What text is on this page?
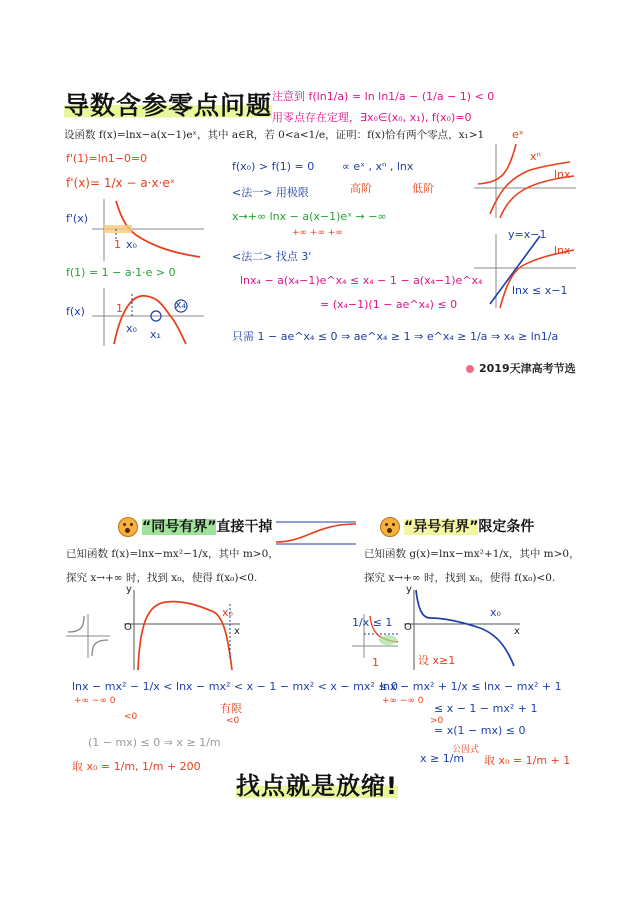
导数含参零点问题 注意到 f(ln1/a) = ln ln1/a − (1/a − 1) < 0
用零点存在定理，∃x₀∈(x₀, x₁), f(x₀)=0
设函数 f(x)=lnx−a(x−1)eˣ，其中 a∈R，若 0<a<1/e，证明：f(x)恰有两个零点，x₁>1
f'(1)=ln1−0=0
f'(x)= 1/x − a·x·eˣ
f'(x)
1 x₀
f(1) = 1 − a·1·e > 0
f(x)	1
x₀ x₁
x₄
f(x₀) > f(1) = 0
<法一> 用极限
x→+∞ lnx − a(x−1)eˣ → −∞
+∞ +∞ +∞
<法二> 找点 3'
lnx₄ − a(x₄−1)e^x₄ ≤ x₄ − 1 − a(x₄−1)e^x₄
= (x₄−1)(1 − ae^x₄) ≤ 0
只需 1 − ae^x₄ ≤ 0 ⇒ ae^x₄ ≥ 1 ⇒ e^x₄ ≥ 1/a ⇒ x₄ ≥ ln1/a
∝ eˣ , xⁿ , lnx
高阶	低阶
eˣ
xⁿ
lnx
y=x−1
lnx
lnx ≤ x−1
2019天津高考节选
“同号有界”直接干掉	“异号有界”限定条件
已知函数 f(x)=lnx−mx²−1/x，其中 m>0，
探究 x→+∞ 时，找到 x₀，使得 f(x₀)<0.
已知函数 g(x)=lnx−mx²+1/x，其中 m>0，
探究 x→+∞ 时，找到 x₀，使得 f(x₀)<0.
y
O	x
x₀
1/x ≤ 1
1
y
O	x
x₀
设 x≥1
lnx − mx² − 1/x < lnx − mx² < x − 1 − mx² < x − mx² ≤ 0
+∞ −∞ 0
<0
有限
<0
(1 − mx) ≤ 0 ⇒ x ≥ 1/m
取 x₀ = 1/m, 1/m + 200
lnx − mx² + 1/x ≤ lnx − mx² + 1
+∞ −∞ 0
≤ x − 1 − mx² + 1
>0
= x(1 − mx) ≤ 0
公因式
x ≥ 1/m 取 x₀ = 1/m + 1
找点就是放缩!
